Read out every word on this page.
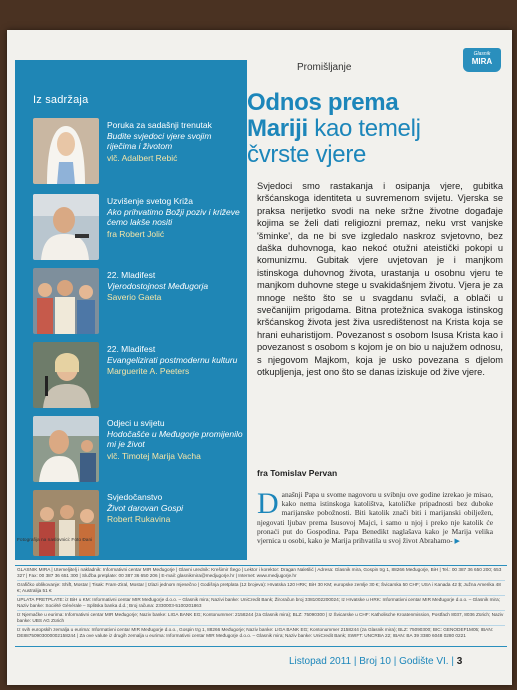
Iz sadržaja
Poruka za sadašnji trenutak
Budite svjedoci vjere svojim riječima i životom
vlč. Adalbert Rebić
Uzvišenje svetog Križa
Ako prihvatimo Božji poziv i križeve ćemo lakše nositi
fra Robert Jolić
22. Mladifest
Vjerodostojnost Međugorja
Saverio Gaeta
22. Mladifest
Evangelizirati postmodernu kulturu
Marguerite A. Peeters
Odjeci u svijetu
Hodočašće u Međugorje promijenilo mi je život
vlč. Timotej Marija Vacha
Svjedočanstvo
Život darovan Gospi
Robert Rukavina
Fotografija na naslovnici: Foto Đani
Promišljanje
Glasnik
MIRA
Odnos prema
Mariji kao temelj
čvrste vjere
Svjedoci smo rastakanja i osipanja vjere, gubitka kršćanskoga identiteta u suvremenom svijetu. Vjerska se praksa nerijetko svodi na neke sržne životne događaje kojima se želi dati religiozni premaz, neku vrst vanjske 'šminke', da ne bi sve izgledalo naskroz svjetovno, bez daška duhovnoga, kao nekoć otužni ateistički pokopi u komunizmu. Gubitak vjere uvjetovan je i manjkom istinskoga duhovnog života, urastanja u osobnu vjeru te manjkom duhovne stege u svakidašnjem životu. Vjera je za mnoge nešto što se u svagdanu svlači, a oblači u svečanijim prigodama. Bitna protežnica svakoga istinskog kršćanskog života jest živa usredištenost na Krista koja se hrani euharistijom. Povezanost s osobom Isusa Krista kao i povezanost s osobom s kojom je on bio u najužem odnosu, s njegovom Majkom, koja je usko povezana s djelom otkupljenja, jest ono što se danas iziskuje od žive vjere.
fra Tomislav Pervan
Današnji Papa u svome nagovoru u svibnju ove godine izrekao je misao, kako nema istinskoga katolištva, katoličke pripadnosti bez duboke marijanske pobožnosti. Biti katolik znači biti i marijanski obilježen, njegovati ljubav prema Isusovoj Majci, i samo u njoj i preko nje katolik će pronaći put do Gospodina. Papa Benedikt naglašava kako je Marija velika vjernica u osobi, kako je Marija prihvatila u svoj život Abrahamo- ▶
GLASNIK MIRA | Utemeljitelj i nakladnik: Informativni centar MIR Međugorje | Glavni urednik: Krešimir Šego | Lektor i korektor: Dragan Naletilić | Adresa: Glasnik mira, Gospin trg 1, 88266 Međugorje, BiH | Tel.: 00 387 36 650 200; 653 327 | Fax: 00 387 36 651 300 | Služba pretplate: 00 387 36 650 206 | E-mail: glasnikmira@medjugorje.hr | Internet: www.medjugorje.hr
Grafičko oblikovanje: Shift, Mostar | Tisak: Fram-Ziral, Mostar | Izlazi jednom mjesečno | Godišnja pretplata (12 brojeva): Hrvatska 120 HRK; BiH 30 KM; europske zemlje 30 €; Švicarska 50 CHF; USA i Kanada 42 $; Južna Amerika 48 €; Australija 51 €
UPLATA PRETPLATE: iz BiH u KM: Informativni centar MIR Međugorje d.o.o. – Glasnik mira; Nazivi banke: UniCredit Bank; Žiroračun broj 3381002200024; Iz Hrvatske u HRK: Informativni centar MIR Međugorje d.o.o. – Glasnik mira; Naziv banke: Société Générale – Splitska banka d.d.; Broj računa: 2330003-5100201863
Iz Njemačke u eurima: Informativni centar MIR Međugorje; Naziv banke: LIGA BANK EG; Kontonummer: 2158244 (za Glasnik mira); BLZ: 75090300 | Iz Švicarske u CHF: Katholische Kroatenmission, Postfach 8037, 8036 Zürich; Naziv banke: UBS AG Zürich
Iz svih europskih zemalja u eurima: Informativni centar MIR Međugorje d.o.o., Gospin trg 1, 88266 Međugorje; Naziv banke: LIGA BANK EG; Kontonummer 2158244 (za Glasnik mira); BLZ: 75090300; BIC: GENODEF1M05; IBAN: DE88750903000002158244 | Za ove valute iz drugih zemalja u eurima: Informativni centar MIR Međugorje d.o.o. – Glasnik mira; Naziv banke: UniCredit Bank; SWIFT: UNCRBA 22; IBAN: BA 39 3380 6048 0280 0221
Listopad 2011 | Broj 10 | Godište VI. | 3
